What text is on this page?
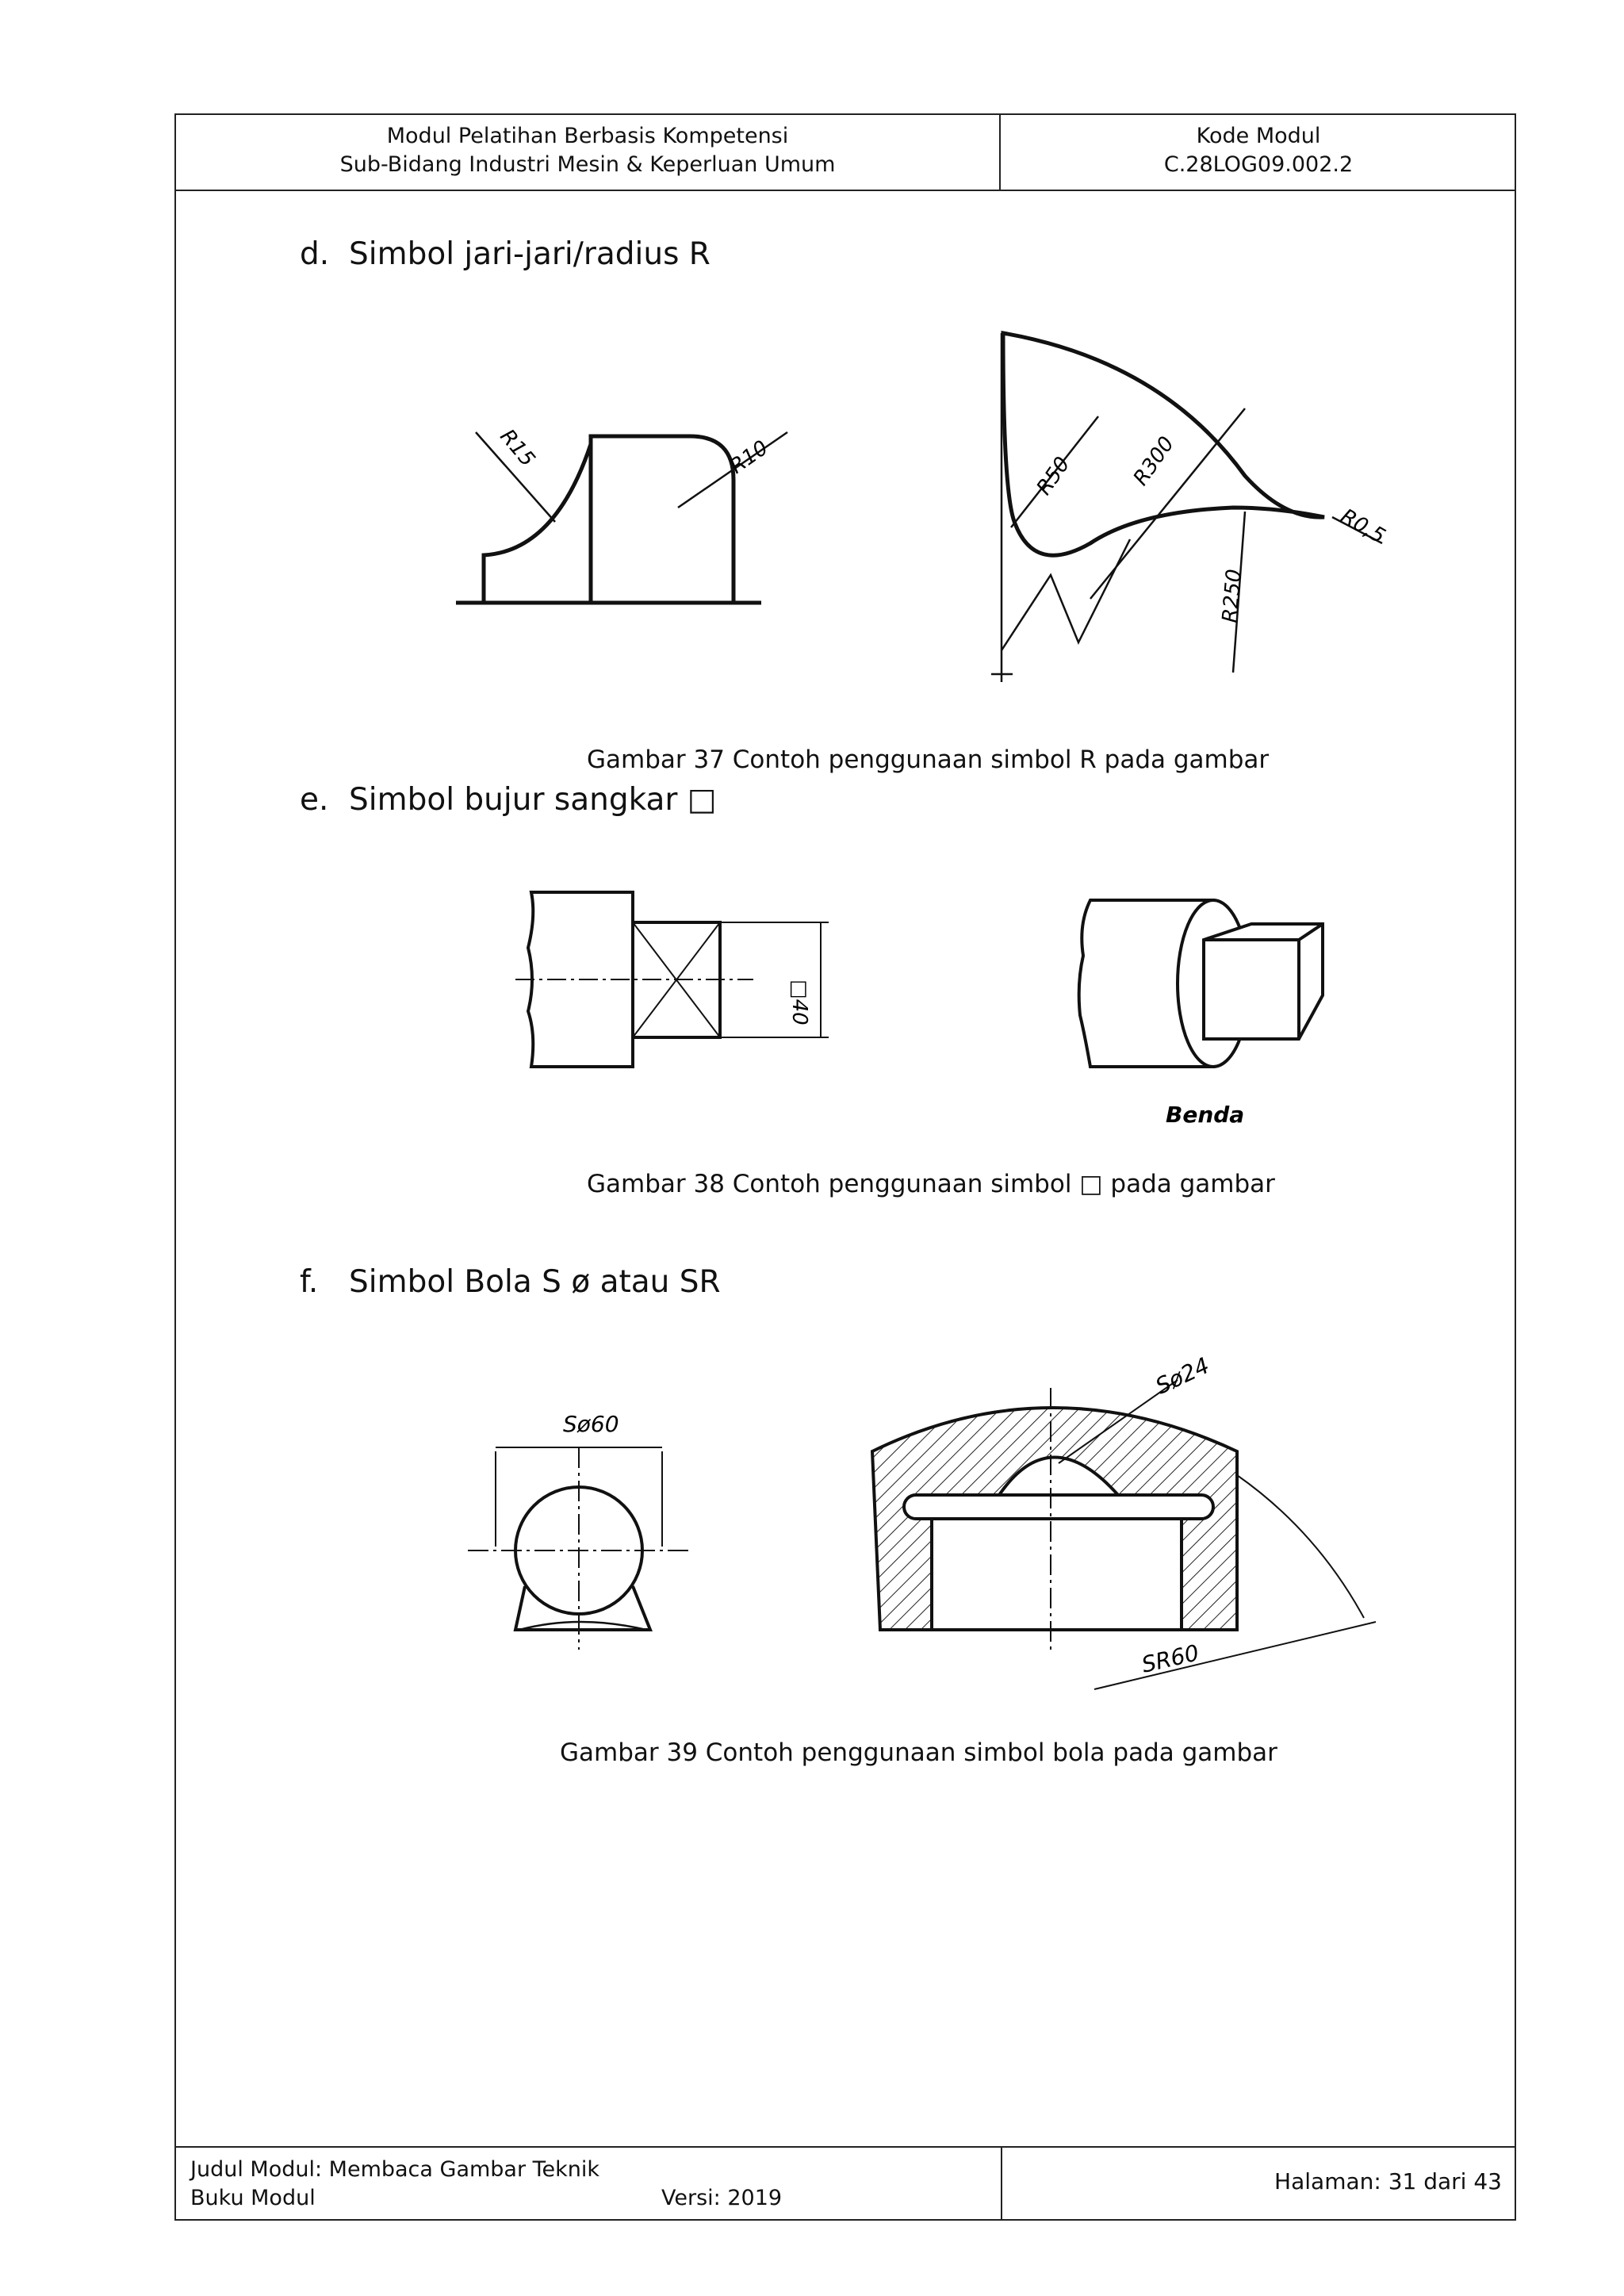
Modul Pelatihan Berbasis Kompetensi
Sub-Bidang Industri Mesin & Keperluan Umum
Kode Modul
C.28LOG09.002.2
Judul Modul: Membaca Gambar Teknik
Buku Modul	Versi: 2019
Halaman: 31 dari 43
d. Simbol jari-jari/radius R
R15	R10	R50	R300
R250
R0,5
Gambar 37 Contoh penggunaan simbol R pada gambar
e. Simbol bujur sangkar □
□40
Benda
Gambar 38 Contoh penggunaan simbol □ pada gambar
f. Simbol Bola S ø atau SR
Sø60
Sø24
SR60
Gambar 39 Contoh penggunaan simbol bola pada gambar
